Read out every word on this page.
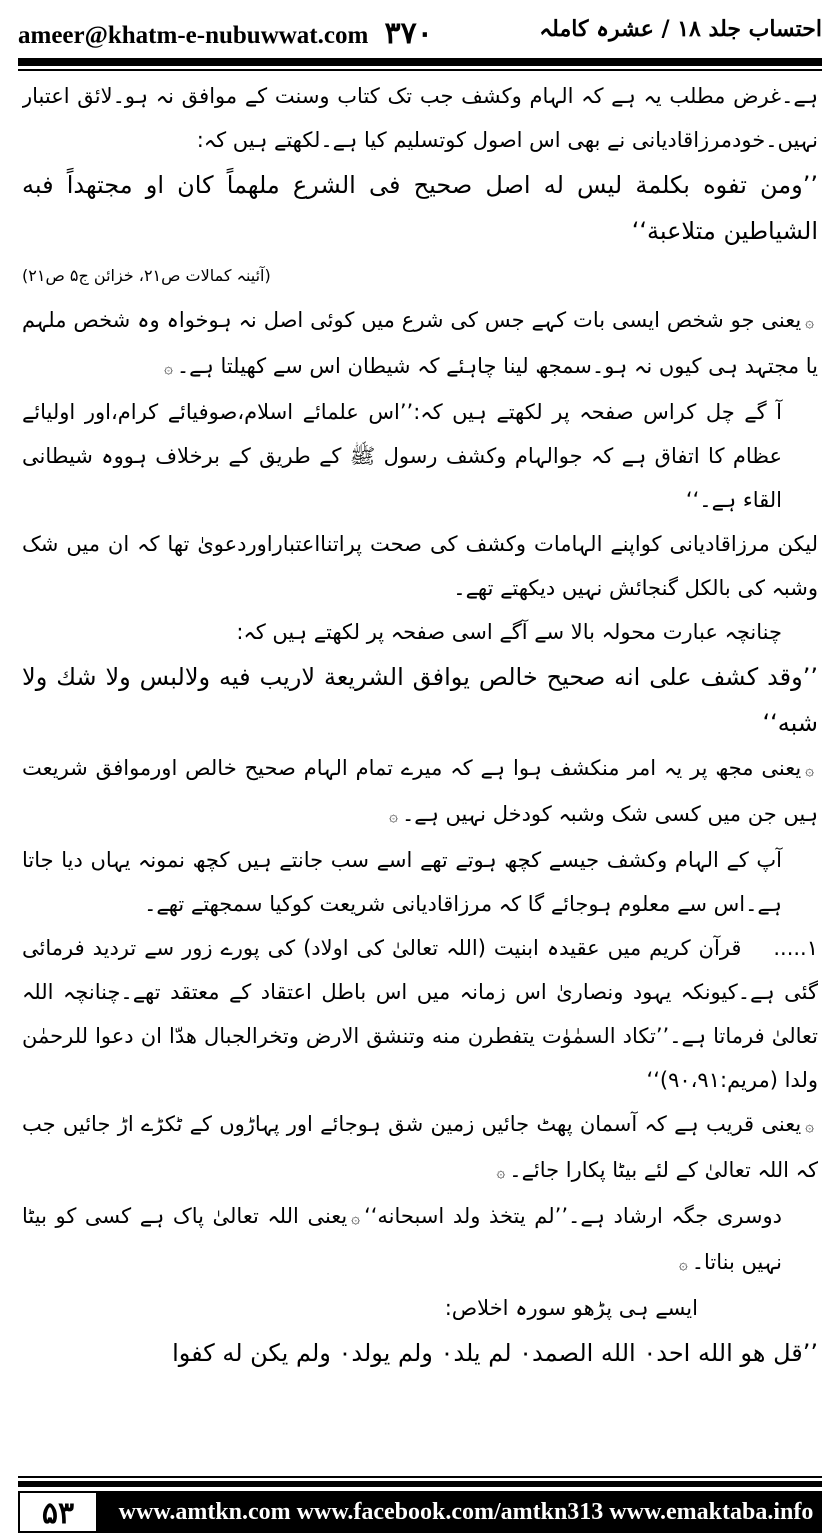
ameer@khatm-e-nubuwwat.com ۳۷۰	احتساب جلد ۱۸ / عشرہ کاملہ

ہے۔غرض مطلب یہ ہے کہ الہام وکشف جب تک کتاب وسنت کے موافق نہ ہو۔لائق اعتبار نہیں۔خودمرزاقادیانی نے بھی اس اصول کوتسلیم کیا ہے۔لکھتے ہیں کہ:

’’ومن تفوه بكلمة ليس له اصل صحيح فى الشرع ملهماً كان او مجتهداً فبه الشياطين متلاعبة‘‘

(آئینہ کمالات ص۲۱، خزائن ج۵ ص۲۱)

۞یعنی جو شخص ایسی بات کہے جس کی شرع میں کوئی اصل نہ ہوخواہ وہ شخص ملہم یا مجتہد ہی کیوں نہ ہو۔سمجھ لینا چاہئے کہ شیطان اس سے کھیلتا ہے۔۞

آ گے چل کراس صفحہ پر لکھتے ہیں کہ:’’اس علمائے اسلام،صوفیائے کرام،اور اولیائے عظام کا اتفاق ہے کہ جوالہام وکشف رسول ﷺ کے طریق کے برخلاف ہووہ شیطانی القاء ہے۔‘‘

لیکن مرزاقادیانی کواپنے الہامات وکشف کی صحت پراتنااعتباراوردعویٰ تھا کہ ان میں شک وشبہ کی بالکل گنجائش نہیں دیکھتے تھے۔

چنانچہ عبارت محولہ بالا سے آگے اسی صفحہ پر لکھتے ہیں کہ:

’’وقد كشف على انه صحيح خالص يوافق الشريعة لاريب فيه ولالبس ولا شك ولا شبه‘‘

۞یعنی مجھ پر یہ امر منکشف ہوا ہے کہ میرے تمام الہام صحیح خالص اورموافق شریعت ہیں جن میں کسی شک وشبہ کودخل نہیں ہے۔۞

آپ کے الہام وکشف جیسے کچھ ہوتے تھے اسے سب جانتے ہیں کچھ نمونہ یہاں دیا جاتا ہے۔اس سے معلوم ہوجائے گا کہ مرزاقادیانی شریعت کوکیا سمجھتے تھے۔

۱.....    قرآن کریم میں عقیدہ ابنیت (اللہ تعالیٰ کی اولاد) کی پورے زور سے تردید فرمائی گئی ہے۔کیونکہ یہود ونصاریٰ اس زمانہ میں اس باطل اعتقاد کے معتقد تھے۔چنانچہ اللہ تعالیٰ فرماتا ہے۔’’تكاد السمٰوٰت يتفطرن منه وتنشق الارض وتخرالجبال هدّا ان دعوا للرحمٰن ولدا (مریم:۹۰،۹۱)‘‘

۞یعنی قریب ہے کہ آسمان پھٹ جائیں زمین شق ہوجائے اور پہاڑوں کے ٹکڑے اڑ جائیں جب کہ اللہ تعالیٰ کے لئے بیٹا پکارا جائے۔۞

دوسری جگہ ارشاد ہے۔’’لم يتخذ ولد اسبحانه‘‘۞یعنی اللہ تعالیٰ پاک ہے کسی کو بیٹا نہیں بناتا۔۞

ایسے ہی پڑھو سورہ اخلاص:

’’قل هو الله احد۰ الله الصمد۰ لم يلد۰ ولم يولد۰ ولم يكن له كفوا

۵۳	www.amtkn.com www.facebook.com/amtkn313 www.emaktaba.info
